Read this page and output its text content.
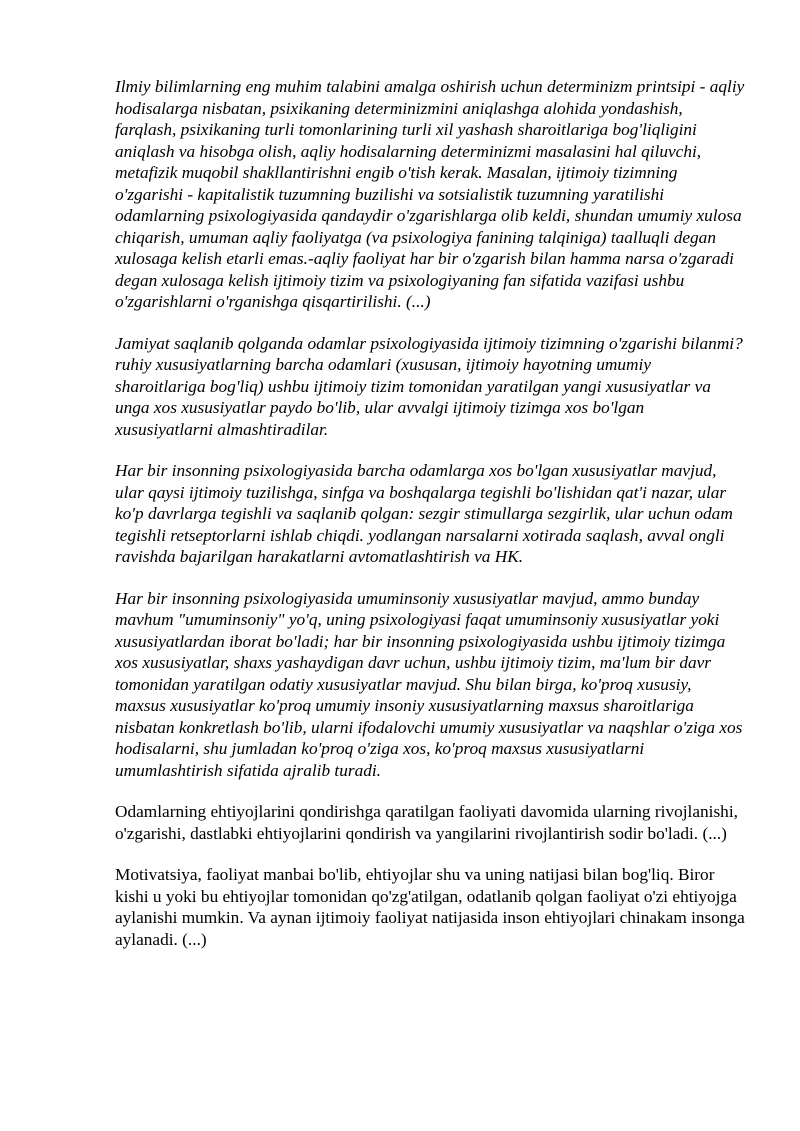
Ilmiy bilimlarning eng muhim talabini amalga oshirish uchun determinizm printsipi - aqliy hodisalarga nisbatan, psixikaning determinizmini aniqlashga alohida yondashish, farqlash, psixikaning turli tomonlarining turli xil yashash sharoitlariga bog'liqligini aniqlash va hisobga olish, aqliy hodisalarning determinizmi masalasini hal qiluvchi, metafizik muqobil shakllantirishni engib o'tish kerak. Masalan, ijtimoiy tizimning o'zgarishi - kapitalistik tuzumning buzilishi va sotsialistik tuzumning yaratilishi odamlarning psixologiyasida qandaydir o'zgarishlarga olib keldi, shundan umumiy xulosa chiqarish, umuman aqliy faoliyatga (va psixologiya fanining talqiniga) taalluqli degan xulosaga kelish etarli emas.-aqliy faoliyat har bir o'zgarish bilan hamma narsa o'zgaradi degan xulosaga kelish ijtimoiy tizim va psixologiyaning fan sifatida vazifasi ushbu o'zgarishlarni o'rganishga qisqartirilishi. (...)

Jamiyat saqlanib qolganda odamlar psixologiyasida ijtimoiy tizimning o'zgarishi bilanmi? ruhiy xususiyatlarning barcha odamlari (xususan, ijtimoiy hayotning umumiy sharoitlariga bog'liq) ushbu ijtimoiy tizim tomonidan yaratilgan yangi xususiyatlar va unga xos xususiyatlar paydo bo'lib, ular avvalgi ijtimoiy tizimga xos bo'lgan xususiyatlarni almashtiradilar.

Har bir insonning psixologiyasida barcha odamlarga xos bo'lgan xususiyatlar mavjud, ular qaysi ijtimoiy tuzilishga, sinfga va boshqalarga tegishli bo'lishidan qat'i nazar, ular ko'p davrlarga tegishli va saqlanib qolgan: sezgir stimullarga sezgirlik, ular uchun odam tegishli retseptorlarni ishlab chiqdi. yodlangan narsalarni xotirada saqlash, avval ongli ravishda bajarilgan harakatlarni avtomatlashtirish va HK.

Har bir insonning psixologiyasida umuminsoniy xususiyatlar mavjud, ammo bunday mavhum "umuminsoniy" yo'q, uning psixologiyasi faqat umuminsoniy xususiyatlar yoki xususiyatlardan iborat bo'ladi; har bir insonning psixologiyasida ushbu ijtimoiy tizimga xos xususiyatlar, shaxs yashaydigan davr uchun, ushbu ijtimoiy tizim, ma'lum bir davr tomonidan yaratilgan odatiy xususiyatlar mavjud. Shu bilan birga, ko'proq xususiy, maxsus xususiyatlar ko'proq umumiy insoniy xususiyatlarning maxsus sharoitlariga nisbatan konkretlash bo'lib, ularni ifodalovchi umumiy xususiyatlar va naqshlar o'ziga xos hodisalarni, shu jumladan ko'proq o'ziga xos, ko'proq maxsus xususiyatlarni umumlashtirish sifatida ajralib turadi.

Odamlarning ehtiyojlarini qondirishga qaratilgan faoliyati davomida ularning rivojlanishi, o'zgarishi, dastlabki ehtiyojlarini qondirish va yangilarini rivojlantirish sodir bo'ladi. (...)

Motivatsiya, faoliyat manbai bo'lib, ehtiyojlar shu va uning natijasi bilan bog'liq. Biror kishi u yoki bu ehtiyojlar tomonidan qo'zg'atilgan, odatlanib qolgan faoliyat o'zi ehtiyojga aylanishi mumkin. Va aynan ijtimoiy faoliyat natijasida inson ehtiyojlari chinakam insonga aylanadi. (...)
